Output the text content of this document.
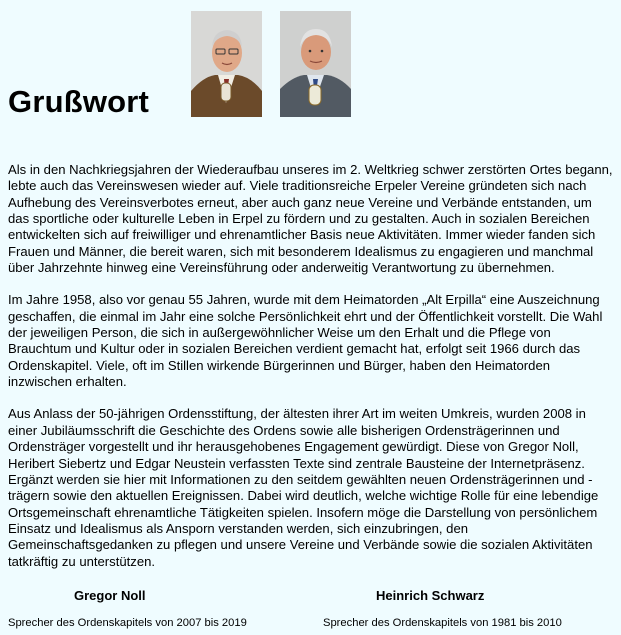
Grußwort

Als in den Nachkriegsjahren der Wiederaufbau unseres im 2. Weltkrieg schwer zerstörten Ortes begann, lebte auch das Vereinswesen wieder auf. Viele traditionsreiche Erpeler Vereine gründeten sich nach Aufhebung des Vereinsverbotes erneut, aber auch ganz neue Vereine und Verbände entstanden, um das sportliche oder kulturelle Leben in Erpel zu fördern und zu gestalten. Auch in sozialen Bereichen entwickelten sich auf freiwilliger und ehrenamtlicher Basis neue Aktivitäten. Immer wieder fanden sich Frauen und Männer, die bereit waren, sich mit besonderem Idealismus zu engagieren und manchmal über Jahrzehnte hinweg eine Vereinsführung oder anderweitig Verantwortung zu übernehmen.

Im Jahre 1958, also vor genau 55 Jahren, wurde mit dem Heimatorden „Alt Erpilla“ eine Auszeichnung geschaffen, die einmal im Jahr eine solche Persönlichkeit ehrt und der Öffentlichkeit vorstellt. Die Wahl der jeweiligen Person, die sich in außergewöhnlicher Weise um den Erhalt und die Pflege von Brauchtum und Kultur oder in sozialen Bereichen verdient gemacht hat, erfolgt seit 1966 durch das Ordenskapitel. Viele, oft im Stillen wirkende Bürgerinnen und Bürger, haben den Heimatorden inzwischen erhalten.

Aus Anlass der 50-jährigen Ordensstiftung, der ältesten ihrer Art im weiten Umkreis, wurden 2008 in einer Jubiläumsschrift die Geschichte des Ordens sowie alle bisherigen Ordensträgerinnen und Ordensträger vorgestellt und ihr herausgehobenes Engagement gewürdigt. Diese von Gregor Noll, Heribert Siebertz und Edgar Neustein verfassten Texte sind zentrale Bausteine der Internetpräsenz. Ergänzt werden sie hier mit Informationen zu den seitdem gewählten neuen Ordensträgerinnen und -trägern sowie den aktuellen Ereignissen. Dabei wird deutlich, welche wichtige Rolle für eine lebendige Ortsgemeinschaft ehrenamtliche Tätigkeiten spielen. Insofern möge die Darstellung von persönlichem Einsatz und Idealismus als Ansporn verstanden werden, sich einzubringen, den Gemeinschaftsgedanken zu pflegen und unsere Vereine und Verbände sowie die sozialen Aktivitäten tatkräftig zu unterstützen.

Gregor Noll	Heinrich Schwarz
Sprecher des Ordenskapitels von 2007 bis 2019	Sprecher des Ordenskapitels von 1981 bis 2010
